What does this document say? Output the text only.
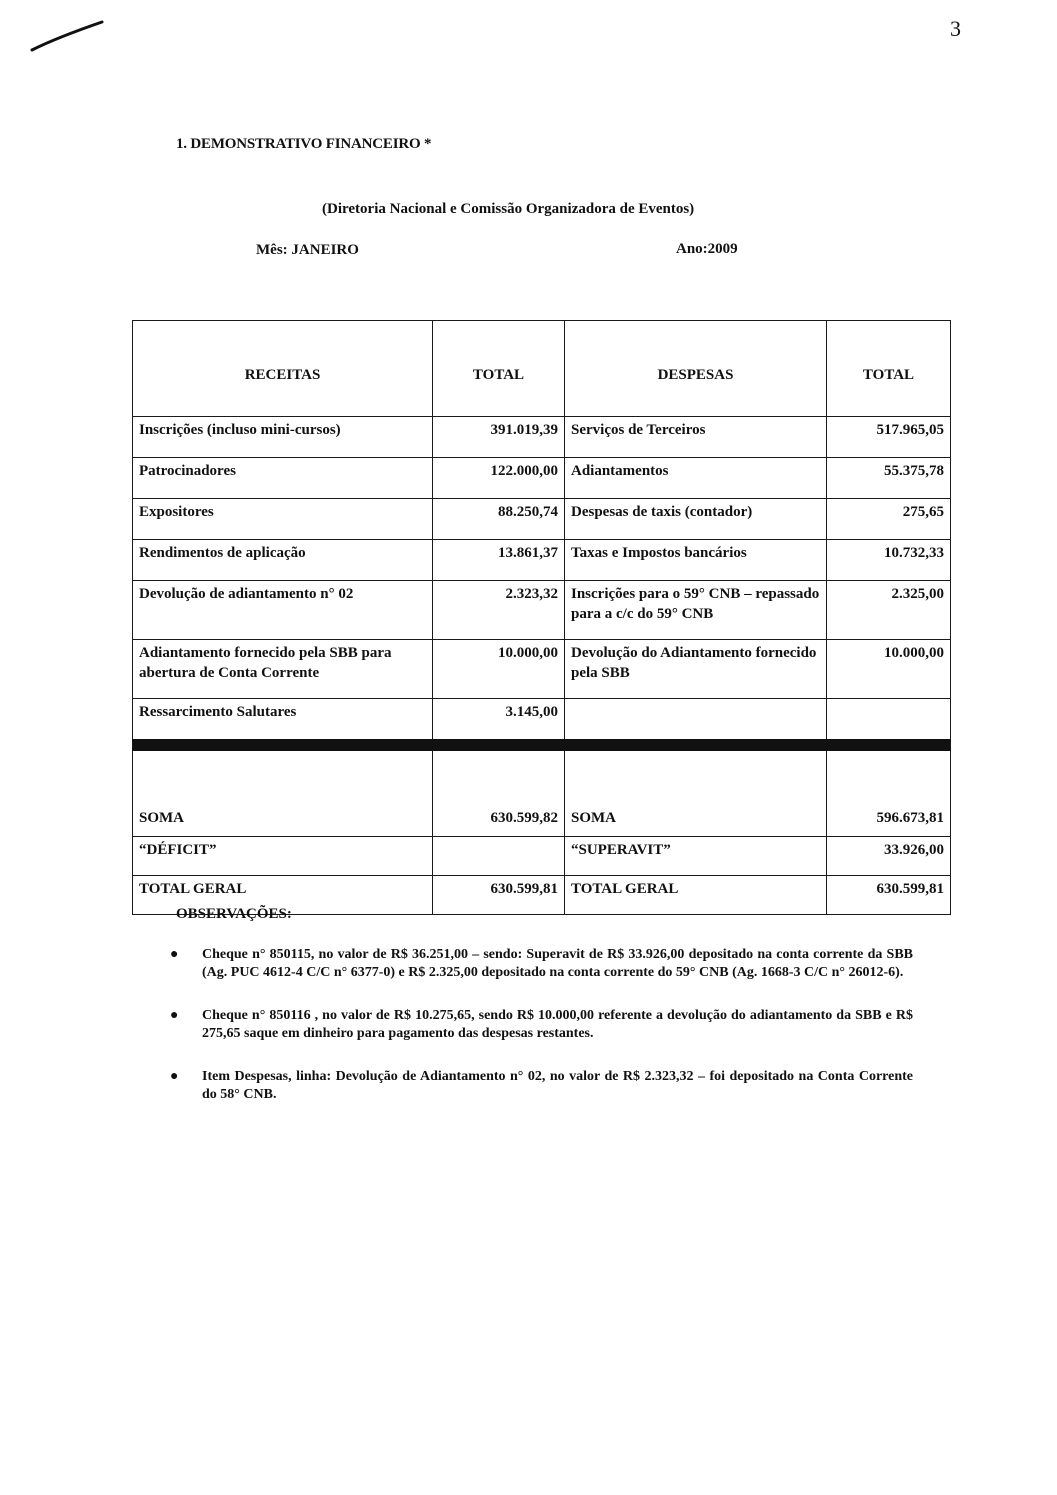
3
1. DEMONSTRATIVO FINANCEIRO *
(Diretoria Nacional e Comissão Organizadora de Eventos)
Mês: JANEIRO	Ano:2009
RECEITAS	TOTAL	DESPESAS	TOTAL
Inscrições (incluso mini-cursos)	391.019,39	Serviços de Terceiros	517.965,05
Patrocinadores	122.000,00	Adiantamentos	55.375,78
Expositores	88.250,74	Despesas de taxis (contador)	275,65
Rendimentos de aplicação	13.861,37	Taxas e Impostos bancários	10.732,33
Devolução de adiantamento n° 02	2.323,32	Inscrições para o 59° CNB – repassado para a c/c do 59° CNB	2.325,00
Adiantamento fornecido pela SBB para abertura de Conta Corrente	10.000,00	Devolução do Adiantamento fornecido pela SBB	10.000,00
Ressarcimento Salutares	3.145,00		

SOMA	630.599,82	SOMA	596.673,81
“DÉFICIT”		“SUPERAVIT”	33.926,00
TOTAL GERAL	630.599,81	TOTAL GERAL	630.599,81
OBSERVAÇÕES:
● Cheque n° 850115, no valor de R$ 36.251,00 – sendo: Superavit de R$ 33.926,00 depositado na conta corrente da SBB (Ag. PUC 4612-4 C/C n° 6377-0) e R$ 2.325,00 depositado na conta corrente do 59° CNB (Ag. 1668-3 C/C n° 26012-6).
● Cheque n° 850116 , no valor de R$ 10.275,65, sendo R$ 10.000,00 referente a devolução do adiantamento da SBB e R$ 275,65 saque em dinheiro para pagamento das despesas restantes.
● Item Despesas, linha: Devolução de Adiantamento n° 02, no valor de R$ 2.323,32 – foi depositado na Conta Corrente do 58° CNB.
